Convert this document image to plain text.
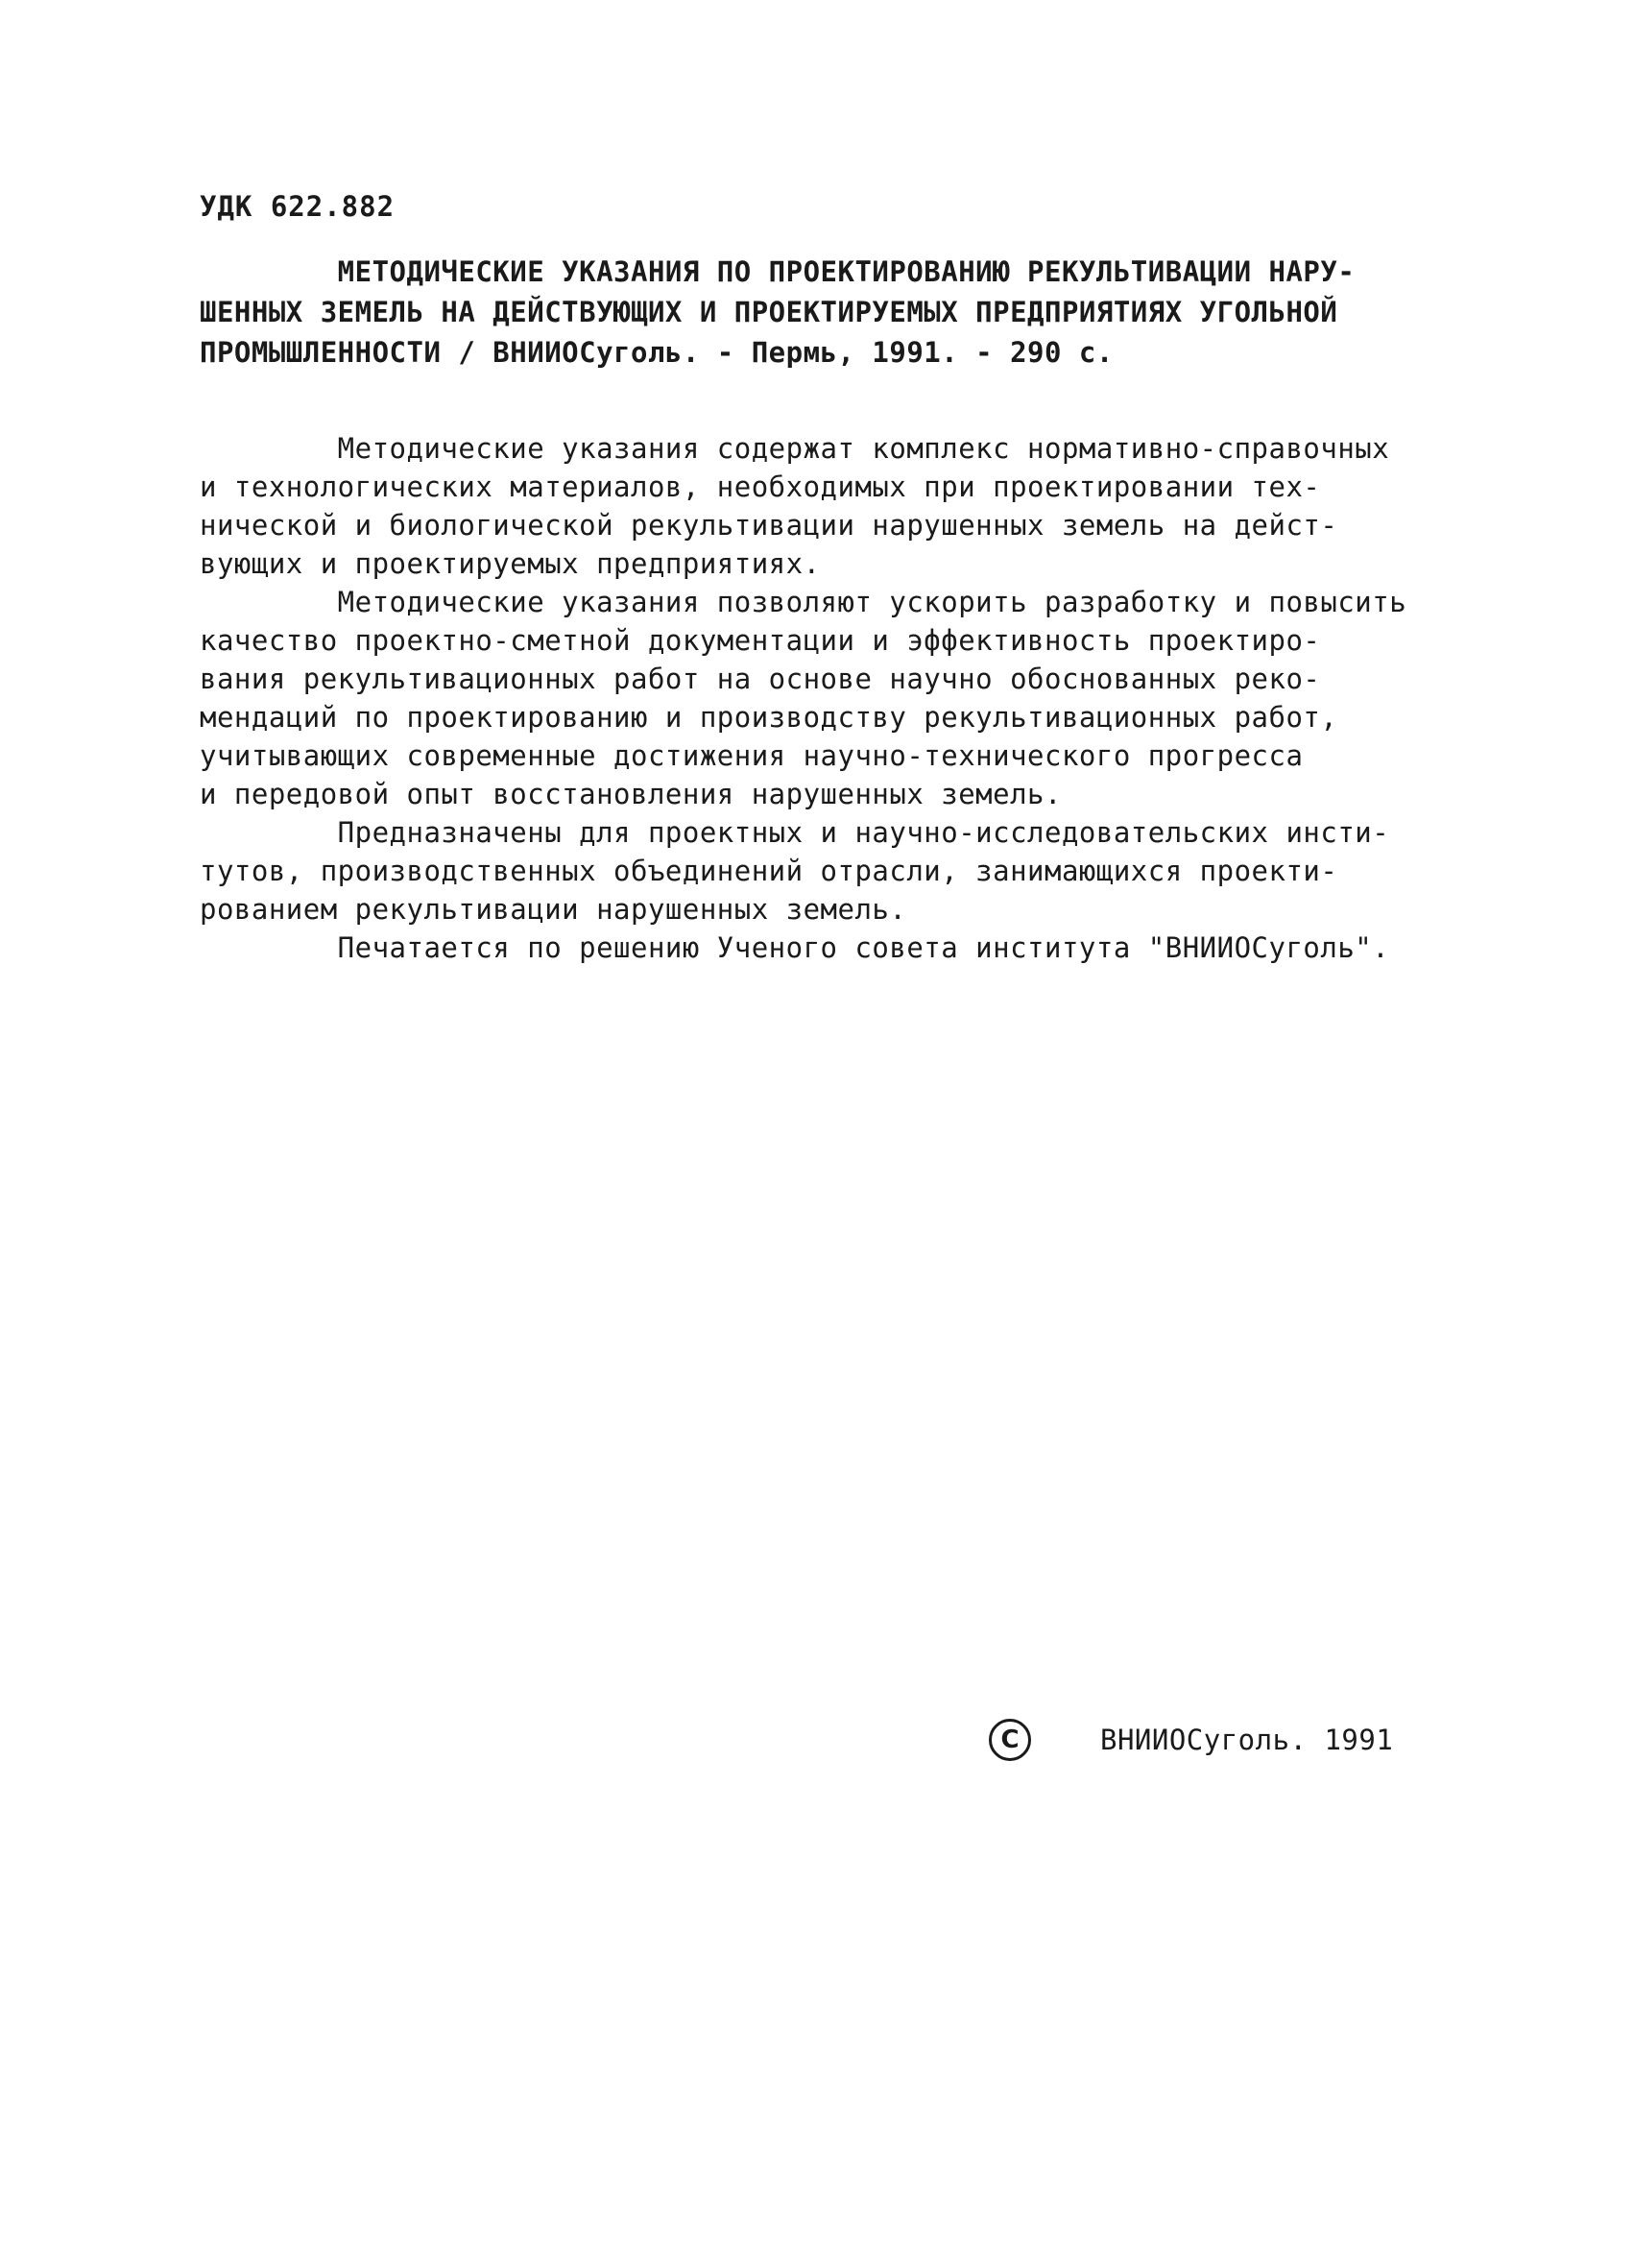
УДК 622.882
МЕТОДИЧЕСКИЕ УКАЗАНИЯ ПО ПРОЕКТИРОВАНИЮ РЕКУЛЬТИВАЦИИ НАРУ-
ШЕННЫХ ЗЕМЕЛЬ НА ДЕЙСТВУЮЩИХ И ПРОЕКТИРУЕМЫХ ПРЕДПРИЯТИЯХ УГОЛЬНОЙ
ПРОМЫШЛЕННОСТИ / ВНИИОСуголь. - Пермь, 1991. - 290 с.
Методические указания содержат комплекс нормативно-справочных
и технологических материалов, необходимых при проектировании тех-
нической и биологической рекультивации нарушенных земель на дейст-
вующих и проектируемых предприятиях.
Методические указания позволяют ускорить разработку и повысить
качество проектно-сметной документации и эффективность проектиро-
вания рекультивационных работ на основе научно обоснованных реко-
мендаций по проектированию и производству рекультивационных работ,
учитывающих современные достижения научно-технического прогресса
и передовой опыт восстановления нарушенных земель.
Предназначены для проектных и научно-исследовательских инсти-
тутов, производственных объединений отрасли, занимающихся проекти-
рованием рекультивации нарушенных земель.
Печатается по решению Ученого совета института "ВНИИОСуголь".
C	ВНИИОСуголь. 1991
